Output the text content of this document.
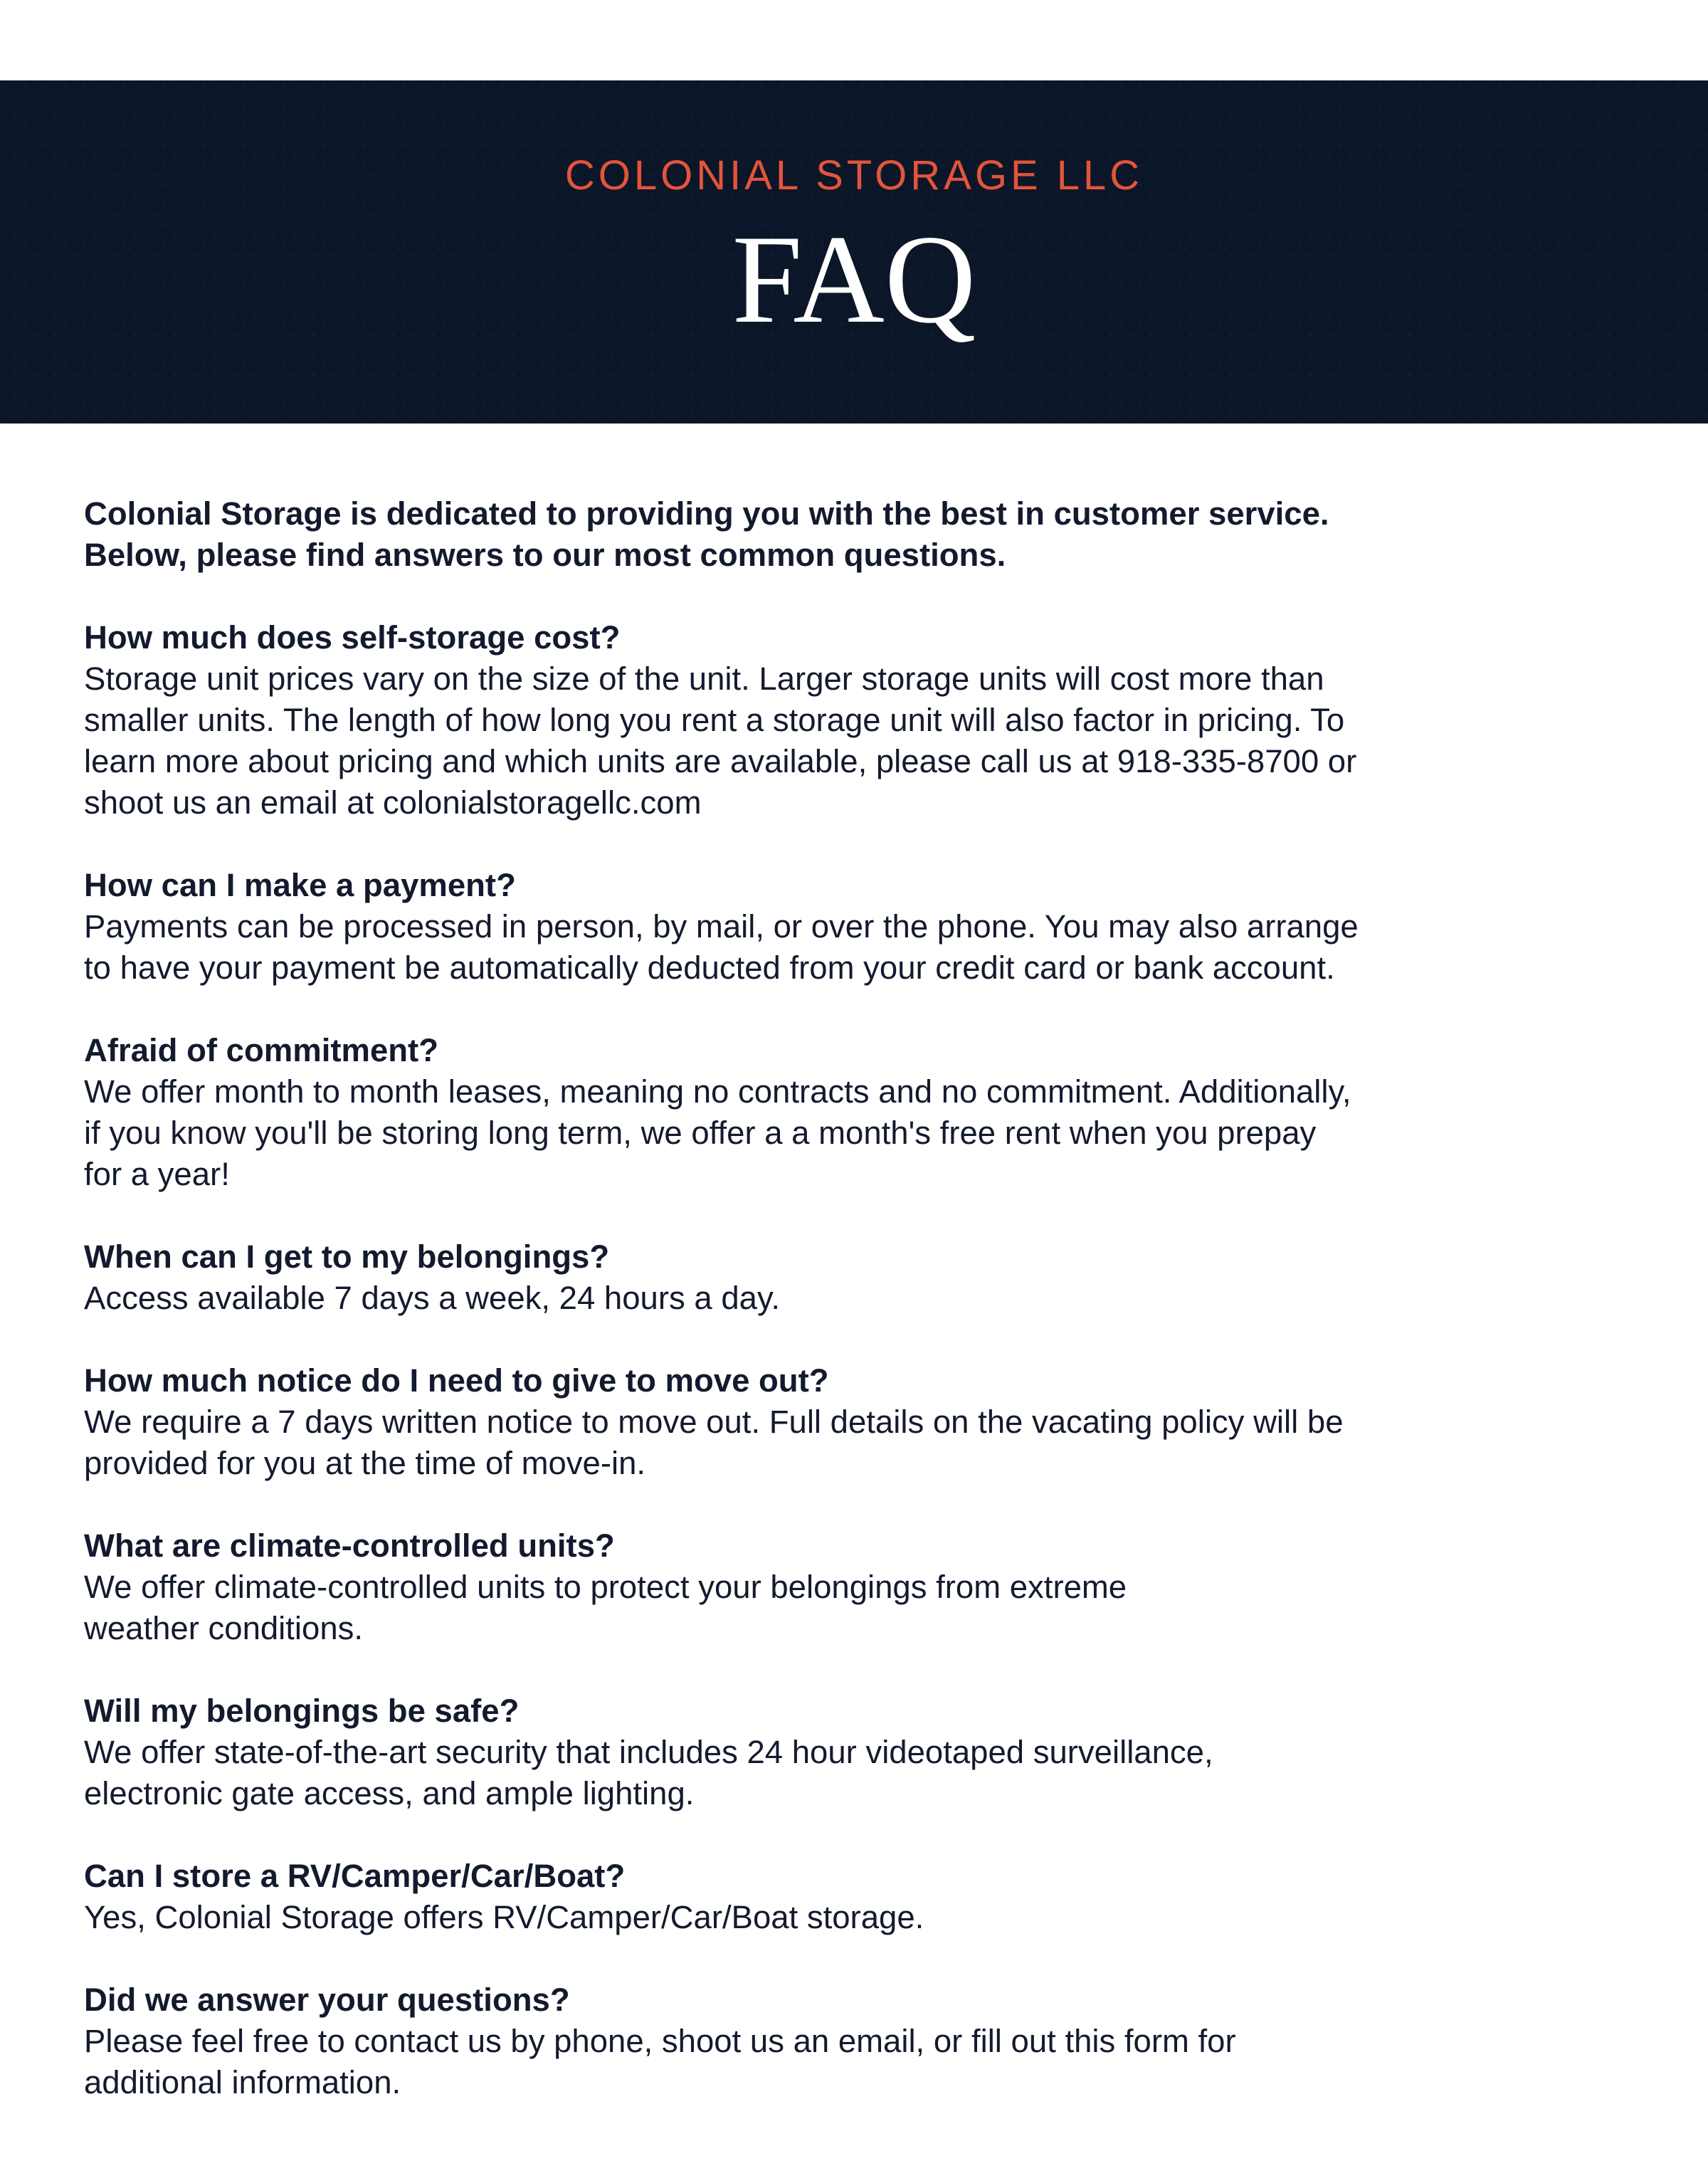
COLONIAL STORAGE LLC
FAQ

Colonial Storage is dedicated to providing you with the best in customer service.
Below, please find answers to our most common questions.

How much does self-storage cost?

Storage unit prices vary on the size of the unit. Larger storage units will cost more than
smaller units. The length of how long you rent a storage unit will also factor in pricing. To
learn more about pricing and which units are available, please call us at 918-335-8700 or
shoot us an email at colonialstoragellc.com

How can I make a payment?

Payments can be processed in person, by mail, or over the phone. You may also arrange
to have your payment be automatically deducted from your credit card or bank account.

Afraid of commitment?

We offer month to month leases, meaning no contracts and no commitment. Additionally,
if you know you'll be storing long term, we offer a a month's free rent when you prepay
for a year!

When can I get to my belongings?

Access available 7 days a week, 24 hours a day.

How much notice do I need to give to move out?

We require a 7 days written notice to move out. Full details on the vacating policy will be
provided for you at the time of move-in.

What are climate-controlled units?

We offer climate-controlled units to protect your belongings from extreme
weather conditions.

Will my belongings be safe?

We offer state-of-the-art security that includes 24 hour videotaped surveillance,
electronic gate access, and ample lighting.

Can I store a RV/Camper/Car/Boat?

Yes, Colonial Storage offers RV/Camper/Car/Boat storage.

Did we answer your questions?

Please feel free to contact us by phone, shoot us an email, or fill out this form for
additional information.
